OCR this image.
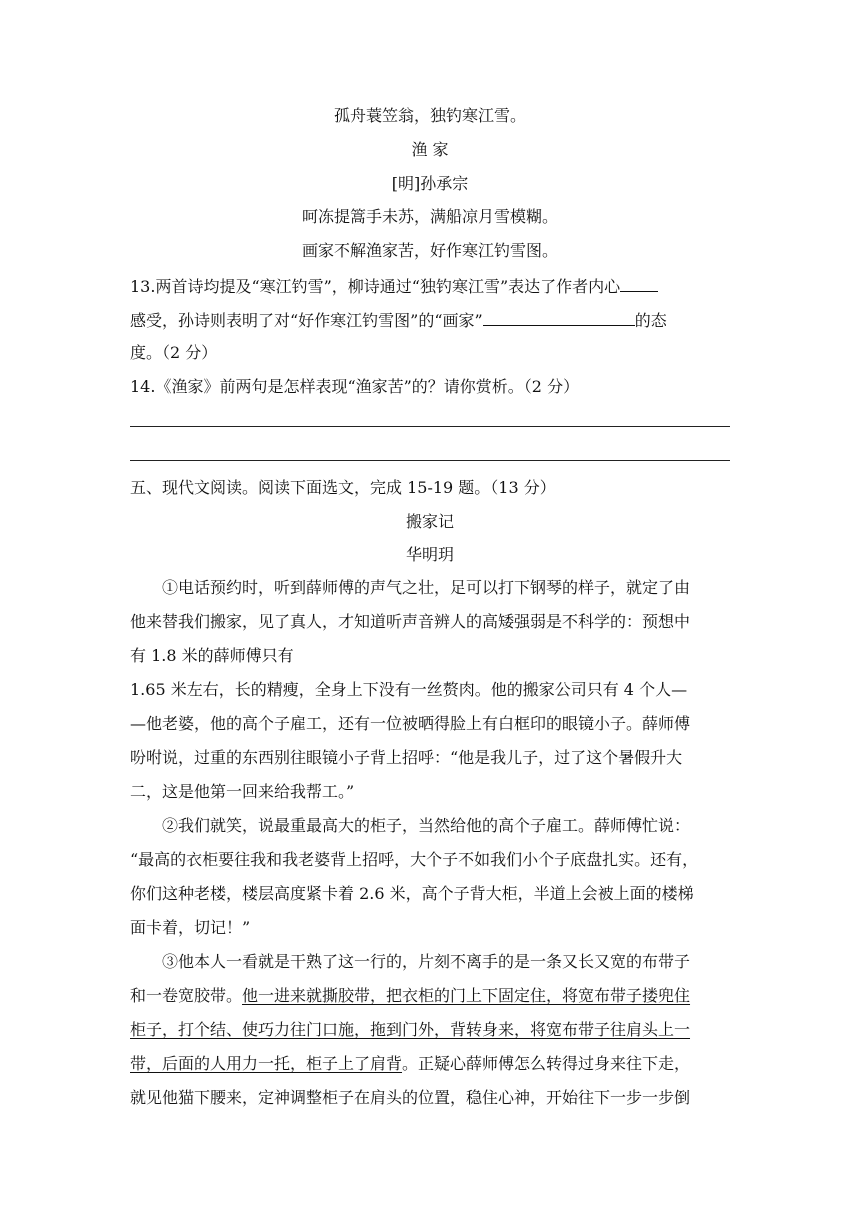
孤舟蓑笠翁，独钓寒江雪。
渔 家
[明]孙承宗
呵冻提篙手未苏，满船凉月雪模糊。
画家不解渔家苦，好作寒江钓雪图。
13.两首诗均提及“寒江钓雪”，柳诗通过“独钓寒江雪”表达了作者内心
感受，孙诗则表明了对“好作寒江钓雪图”的“画家”	的态
度。（2 分）
14.《渔家》前两句是怎样表现“渔家苦”的？请你赏析。（2 分）
五、现代文阅读。阅读下面选文，完成 15-19 题。（13 分）
搬家记
华明玥
①电话预约时，听到薛师傅的声气之壮，足可以打下钢琴的样子，就定了由
他来替我们搬家，见了真人，才知道听声音辨人的高矮强弱是不科学的：预想中
有 1.8 米的薛师傅只有
1.65 米左右，长的精瘦，全身上下没有一丝赘肉。他的搬家公司只有 4 个人—
—他老婆，他的高个子雇工，还有一位被晒得脸上有白框印的眼镜小子。薛师傅
吩咐说，过重的东西别往眼镜小子背上招呼：“他是我儿子，过了这个暑假升大
二，这是他第一回来给我帮工。”
②我们就笑，说最重最高大的柜子，当然给他的高个子雇工。薛师傅忙说：
“最高的衣柜要往我和我老婆背上招呼，大个子不如我们小个子底盘扎实。还有，
你们这种老楼，楼层高度紧卡着 2.6 米，高个子背大柜，半道上会被上面的楼梯
面卡着，切记！”
③他本人一看就是干熟了这一行的，片刻不离手的是一条又长又宽的布带子
和一卷宽胶带。他一进来就撕胶带，把衣柜的门上下固定住，将宽布带子搂兜住
柜子，打个结、使巧力往门口施，拖到门外，背转身来，将宽布带子往肩头上一
带，后面的人用力一托，柜子上了肩背。正疑心薛师傅怎么转得过身来往下走，
就见他猫下腰来，定神调整柜子在肩头的位置，稳住心神，开始往下一步一步倒
